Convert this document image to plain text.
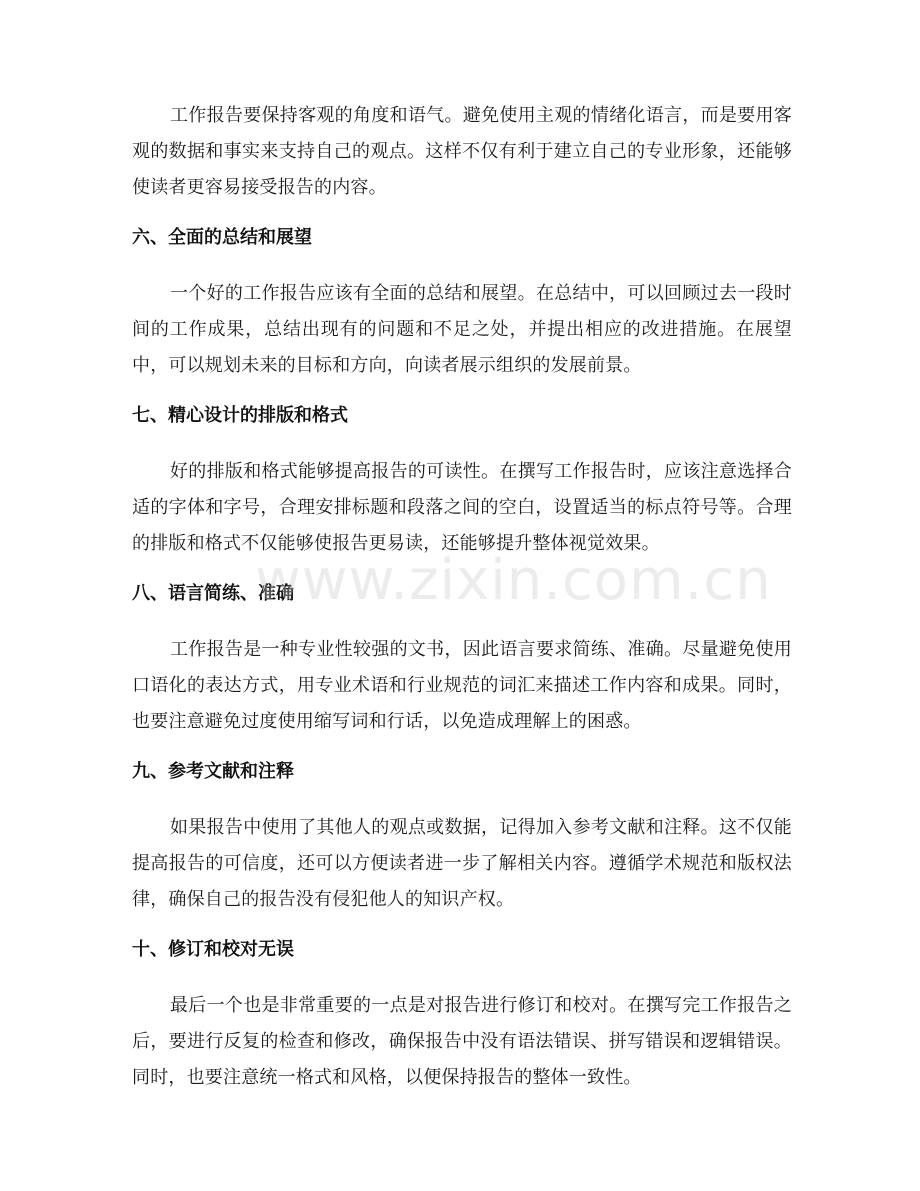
工作报告要保持客观的角度和语气。避免使用主观的情绪化语言，而是要用客观的数据和事实来支持自己的观点。这样不仅有利于建立自己的专业形象，还能够使读者更容易接受报告的内容。

六、全面的总结和展望

一个好的工作报告应该有全面的总结和展望。在总结中，可以回顾过去一段时间的工作成果，总结出现有的问题和不足之处，并提出相应的改进措施。在展望中，可以规划未来的目标和方向，向读者展示组织的发展前景。

七、精心设计的排版和格式

好的排版和格式能够提高报告的可读性。在撰写工作报告时，应该注意选择合适的字体和字号，合理安排标题和段落之间的空白，设置适当的标点符号等。合理的排版和格式不仅能够使报告更易读，还能够提升整体视觉效果。

八、语言简练、准确

工作报告是一种专业性较强的文书，因此语言要求简练、准确。尽量避免使用口语化的表达方式，用专业术语和行业规范的词汇来描述工作内容和成果。同时，也要注意避免过度使用缩写词和行话，以免造成理解上的困惑。

九、参考文献和注释

如果报告中使用了其他人的观点或数据，记得加入参考文献和注释。这不仅能提高报告的可信度，还可以方便读者进一步了解相关内容。遵循学术规范和版权法律，确保自己的报告没有侵犯他人的知识产权。

十、修订和校对无误

最后一个也是非常重要的一点是对报告进行修订和校对。在撰写完工作报告之后，要进行反复的检查和修改，确保报告中没有语法错误、拼写错误和逻辑错误。同时，也要注意统一格式和风格，以便保持报告的整体一致性。

www.zixin.com.cn
